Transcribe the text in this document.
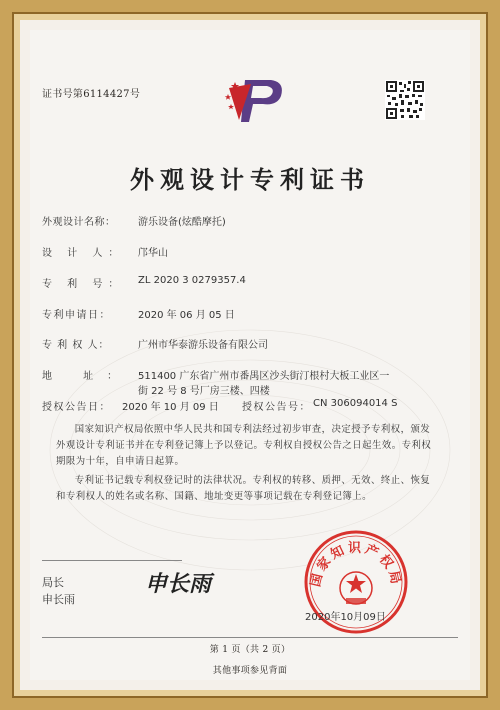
证书号第6114427号
外观设计专利证书
外观设计名称： 游乐设备(炫酷摩托)
设 计 人： 邝华山
专 利 号： ZL 2020 3 0279357.4
专利申请日：	2020 年 06 月 05 日
专 利 权 人：	广州市华泰游乐设备有限公司
地 址： 511400 广东省广州市番禺区沙头街汀根村大板工业区一
街 22 号 8 号厂房三楼、四楼
授权公告日： 2020 年 10 月 09 日 授权公告号： CN 306094014 S
国家知识产权局依照中华人民共和国专利法经过初步审查，决定授予专利权，颁发外观设计专利证书并在专利登记簿上予以登记。专利权自授权公告之日起生效。专利权期限为十年，自申请日起算。
专利证书记载专利权登记时的法律状况。专利权的转移、质押、无效、终止、恢复和专利权人的姓名或名称、国籍、地址变更等事项记载在专利登记簿上。
局长
申长雨
申长雨	国家知识产权局
2020年10月09日
第 1 页（共 2 页）
其他事项参见背面
